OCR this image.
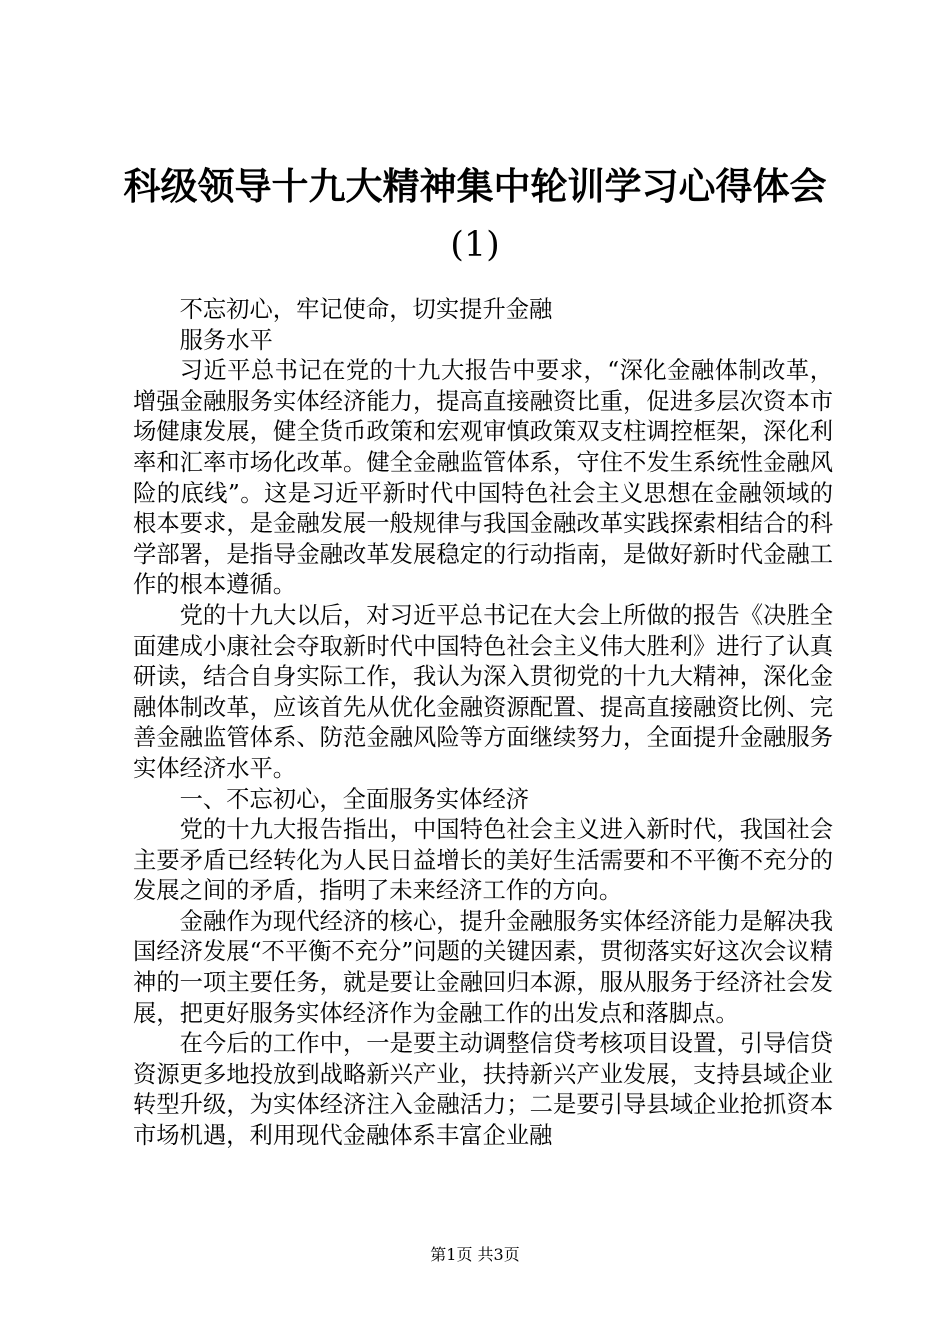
科级领导十九大精神集中轮训学习心得体会
(1)

不忘初心，牢记使命，切实提升金融

服务水平

习近平总书记在党的十九大报告中要求，“深化金融体制改革，增强金融服务实体经济能力，提高直接融资比重，促进多层次资本市场健康发展，健全货币政策和宏观审慎政策双支柱调控框架，深化利率和汇率市场化改革。健全金融监管体系，守住不发生系统性金融风险的底线”。这是习近平新时代中国特色社会主义思想在金融领域的根本要求，是金融发展一般规律与我国金融改革实践探索相结合的科学部署，是指导金融改革发展稳定的行动指南，是做好新时代金融工作的根本遵循。

党的十九大以后，对习近平总书记在大会上所做的报告《决胜全面建成小康社会夺取新时代中国特色社会主义伟大胜利》进行了认真研读，结合自身实际工作，我认为深入贯彻党的十九大精神，深化金融体制改革，应该首先从优化金融资源配置、提高直接融资比例、完善金融监管体系、防范金融风险等方面继续努力，全面提升金融服务实体经济水平。

一、不忘初心，全面服务实体经济

党的十九大报告指出，中国特色社会主义进入新时代，我国社会主要矛盾已经转化为人民日益增长的美好生活需要和不平衡不充分的发展之间的矛盾，指明了未来经济工作的方向。

金融作为现代经济的核心，提升金融服务实体经济能力是解决我国经济发展“不平衡不充分”问题的关键因素，贯彻落实好这次会议精神的一项主要任务，就是要让金融回归本源，服从服务于经济社会发展，把更好服务实体经济作为金融工作的出发点和落脚点。

在今后的工作中，一是要主动调整信贷考核项目设置，引导信贷资源更多地投放到战略新兴产业，扶持新兴产业发展，支持县域企业转型升级，为实体经济注入金融活力；二是要引导县域企业抢抓资本市场机遇，利用现代金融体系丰富企业融

第1页 共3页
